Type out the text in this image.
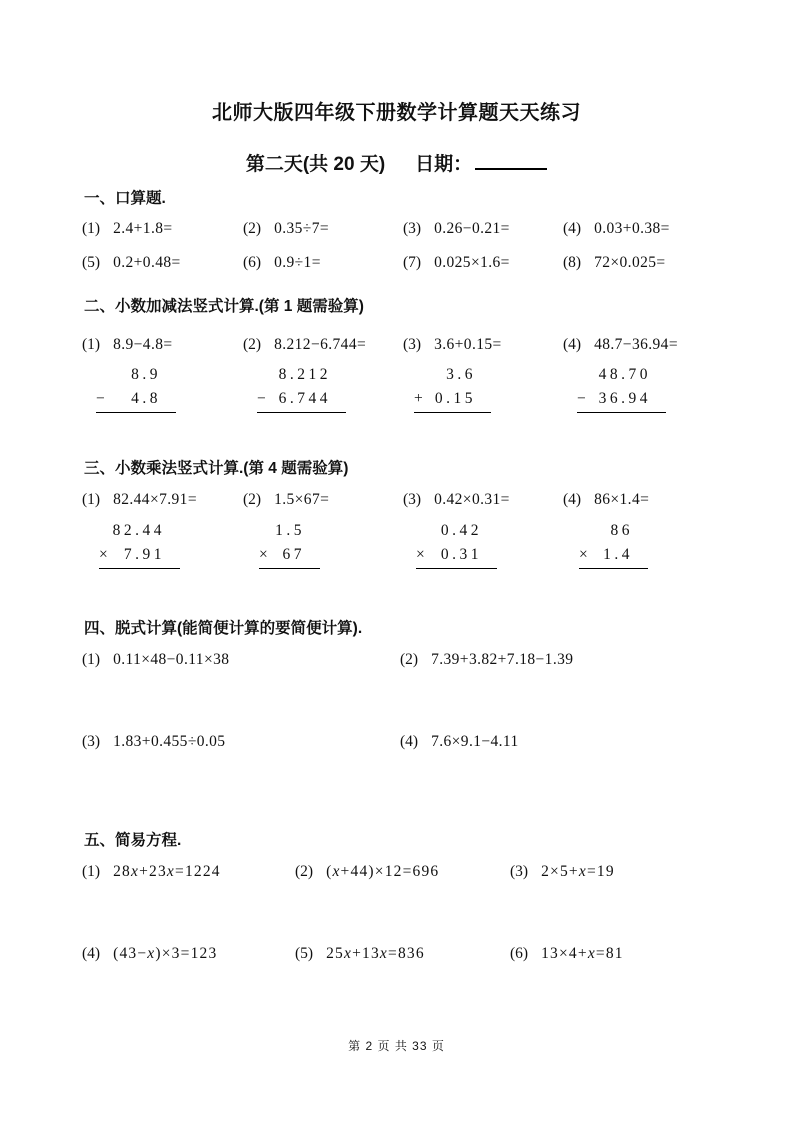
北师大版四年级下册数学计算题天天练习
第二天(共 20 天) 日期：
一、口算题.
(1) 2.4+1.8=	(2) 0.35÷7=	(3) 0.26−0.21=	(4) 0.03+0.38=
(5) 0.2+0.48=	(6) 0.9÷1=	(7) 0.025×1.6=	(8) 72×0.025=
二、小数加减法竖式计算.(第 1 题需验算)
(1) 8.9−4.8=	(2) 8.212−6.744= (3) 3.6+0.15=	(4) 48.7−36.94=
8.9
− 4.8
8.212
− 6.744
3.6
+ 0.15
48.70
− 36.94
三、小数乘法竖式计算.(第 4 题需验算)
(1) 82.44×7.91=	(2) 1.5×67=	(3) 0.42×0.31=	(4) 86×1.4=
82.44
× 7.91
1.5
× 67
0.42
× 0.31
86
× 1.4
四、脱式计算(能简便计算的要简便计算).
(1) 0.11×48−0.11×38	(2) 7.39+3.82+7.18−1.39
(3) 1.83+0.455÷0.05	(4) 7.6×9.1−4.11
五、简易方程.
(1) 28x+23x=1224	(2) (x+44)×12=696	(3) 2×5+x=19
(4) (43−x)×3=123	(5) 25x+13x=836	(6) 13×4+x=81
第 2 页 共 33 页
